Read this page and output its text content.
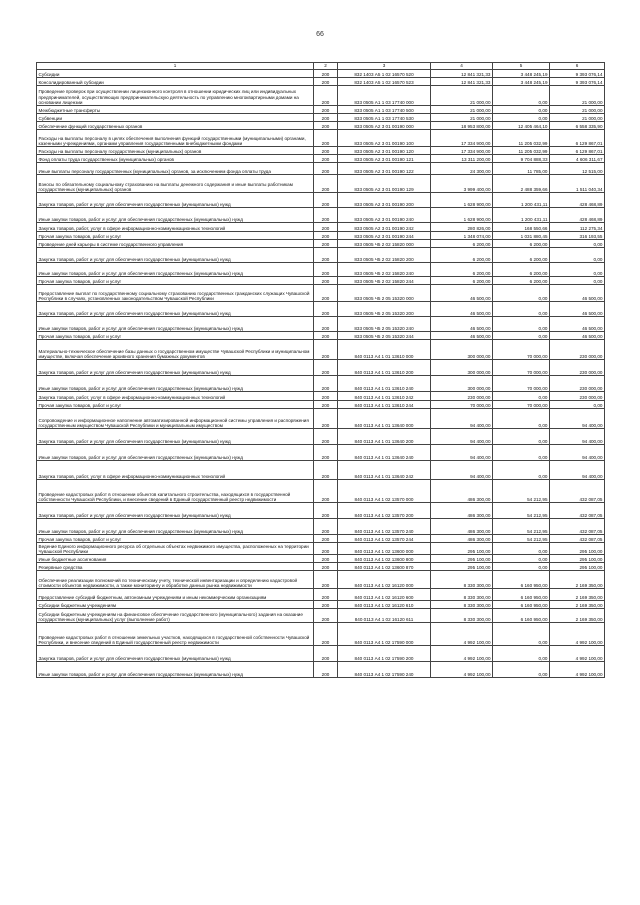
66
1	2	3	4	5	6
Субсидии	200	832 1403 А5 1 02 16570 520	12 841 321,33	3 448 245,19	9 393 076,14
Консолидированный субсидии	200	832 1403 А5 1 02 16570 523	12 841 321,33	3 448 245,19	9 393 076,14
Проведение проверок при осуществлении лицензионного контроля в отношении юридических лиц или индивидуальных предпринимателей, осуществляющих предпринимательскую деятельность по управлению многоквартирными домами на основании лицензии	200	833 0505 А1 1 03 17740 000	21 000,00	0,00	21 000,00
Межбюджетные трансферты	200	833 0505 А1 1 03 17740 500	21 000,00	0,00	21 000,00
Субвенции	200	833 0505 А1 1 03 17740 530	21 000,00	0,00	21 000,00
Обеспечение функций государственных органов	200	833 0505 А2 3 01 00190 000	18 953 800,00	12 405 464,10	6 558 335,90
Расходы на выплаты персоналу в целях обеспечения выполнения функций государственными (муниципальными) органами, казенными учреждениями, органами управления государственными внебюджетными фондами	200	833 0505 А2 3 01 00190 100	17 334 900,00	11 205 032,99	6 129 867,01
Расходы на выплаты персоналу государственных (муниципальных) органов	200	833 0505 А2 3 01 00190 120	17 334 900,00	11 205 032,99	6 129 867,01
Фонд оплаты труда государственных (муниципальных) органов	200	833 0505 А2 3 01 00190 121	13 311 200,00	9 704 888,33	4 606 311,67
Иные выплаты персоналу государственных (муниципальных) органов, за исключением фонда оплаты труда	200	833 0505 А2 3 01 00190 122	24 300,00	11 785,00	12 515,00
Взносы по обязательному социальному страхованию на выплаты денежного содержания и иные выплаты работникам государственных (муниципальных) органов	200	833 0505 А2 3 01 00190 129	3 999 400,00	2 488 359,66	1 511 040,34
Закупка товаров, работ и услуг для обеспечения государственных (муниципальных) нужд	200	833 0505 А2 3 01 00190 200	1 628 900,00	1 200 431,11	428 468,89
Иные закупки товаров, работ и услуг для обеспечения государственных (муниципальных) нужд	200	833 0505 А2 3 01 00190 240	1 628 900,00	1 200 431,11	428 468,89
Закупка товаров, работ, услуг в сфере информационно-коммуникационных технологий	200	833 0505 А2 3 01 00190 242	280 826,00	168 550,66	112 275,34
Прочая закупка товаров, работ и услуг	200	833 0505 А2 3 01 00190 244	1 348 074,00	1 031 880,45	316 193,55
Проведение дней карьеры в системе государственного управления	200	833 0505 Ч5 2 02 15820 000	6 200,00	6 200,00	0,00
Закупка товаров, работ и услуг для обеспечения государственных (муниципальных) нужд	200	833 0505 Ч5 2 02 15820 200	6 200,00	6 200,00	0,00
Иные закупки товаров, работ и услуг для обеспечения государственных (муниципальных) нужд	200	833 0505 Ч5 2 02 15820 240	6 200,00	6 200,00	0,00
Прочая закупка товаров, работ и услуг	200	833 0505 Ч5 2 02 15820 244	6 200,00	6 200,00	0,00
Предоставление выплат по государственному социальному страхованию государственных гражданских служащих Чувашской Республики в случаях, установленных законодательством Чувашской Республики	200	833 0505 Ч5 2 05 15320 000	46 500,00	0,00	46 500,00
Закупка товаров, работ и услуг для обеспечения государственных (муниципальных) нужд	200	833 0505 Ч5 2 05 15320 200	46 500,00	0,00	46 500,00
Иные закупки товаров, работ и услуг для обеспечения государственных (муниципальных) нужд	200	833 0505 Ч5 2 05 15320 240	46 500,00	0,00	46 500,00
Прочая закупка товаров, работ и услуг	200	833 0505 Ч5 2 05 15320 244	46 500,00	0,00	46 500,00
Материально-техническое обеспечение базы данных о государственном имуществе Чувашской Республики и муниципальном имуществе, включая обеспечение архивного хранения бумажных документов	200	840 0113 А4 1 01 13610 000	300 000,00	70 000,00	230 000,00
Закупка товаров, работ и услуг для обеспечения государственных (муниципальных) нужд	200	840 0113 А4 1 01 13610 200	300 000,00	70 000,00	230 000,00
Иные закупки товаров, работ и услуг для обеспечения государственных (муниципальных) нужд	200	840 0113 А4 1 01 13610 240	300 000,00	70 000,00	230 000,00
Закупка товаров, работ, услуг в сфере информационно-коммуникационных технологий	200	840 0113 А4 1 01 13610 242	230 000,00	0,00	230 000,00
Прочая закупка товаров, работ и услуг	200	840 0113 А4 1 01 13610 244	70 000,00	70 000,00	0,00
Сопровождение и информационное наполнение автоматизированной информационной системы управления и распоряжения государственным имуществом Чувашской Республики и муниципальным имуществом	200	840 0113 А4 1 01 13640 000	94 400,00	0,00	94 400,00
Закупка товаров, работ и услуг для обеспечения государственных (муниципальных) нужд	200	840 0113 А4 1 01 13640 200	94 400,00	0,00	94 400,00
Иные закупки товаров, работ и услуг для обеспечения государственных (муниципальных) нужд	200	840 0113 А4 1 01 13640 240	94 400,00	0,00	94 400,00
Закупка товаров, работ, услуг в сфере информационно-коммуникационных технологий	200	840 0113 А4 1 01 13640 242	94 400,00	0,00	94 400,00
Проведение кадастровых работ в отношении объектов капитального строительства, находящихся в государственной собственности Чувашской Республики, и внесение сведений в Единый государственный реестр недвижимости	200	840 0113 А4 1 02 13570 000	486 300,00	54 212,95	432 087,05
Закупка товаров, работ и услуг для обеспечения государственных (муниципальных) нужд	200	840 0113 А4 1 02 13570 200	486 300,00	54 212,95	432 087,05
Иные закупки товаров, работ и услуг для обеспечения государственных (муниципальных) нужд	200	840 0113 А4 1 02 13570 240	486 300,00	54 212,95	432 087,05
Прочая закупка товаров, работ и услуг	200	840 0113 А4 1 02 13570 244	486 300,00	54 212,95	432 087,05
Ведение Единого информационного ресурса об отдельных объектах недвижимого имущества, расположенных на территории Чувашской Республики	200	840 0113 А4 1 02 13600 000	295 100,00	0,00	295 100,00
Иные бюджетные ассигнования	200	840 0113 А4 1 02 13600 800	295 100,00	0,00	295 100,00
Резервные средства	200	840 0113 А4 1 02 13600 870	295 100,00	0,00	295 100,00
Обеспечение реализации полномочий по техническому учету, технической инвентаризации и определению кадастровой стоимости объектов недвижимости, а также мониторингу и обработке данных рынка недвижимости	200	840 0113 А4 1 02 16120 000	8 330 300,00	6 160 950,00	2 169 350,00
Предоставление субсидий бюджетным, автономным учреждениям и иным некоммерческим организациям	200	840 0113 А4 1 02 16120 600	8 330 300,00	6 160 950,00	2 169 350,00
Субсидии бюджетным учреждениям	200	840 0113 А4 1 02 16120 610	8 330 300,00	6 160 950,00	2 169 350,00
Субсидии бюджетным учреждениям на финансовое обеспечение государственного (муниципального) задания на оказание государственных (муниципальных) услуг (выполнение работ)	200	840 0113 А4 1 02 16120 611	8 330 300,00	6 160 950,00	2 169 350,00
Проведение кадастровых работ в отношении земельных участков, находящихся в государственной собственности Чувашской Республики, и внесение сведений в Единый государственный реестр недвижимости	200	840 0113 А4 1 02 17590 000	4 992 100,00	0,00	4 992 100,00
Закупка товаров, работ и услуг для обеспечения государственных (муниципальных) нужд	200	840 0113 А4 1 02 17590 200	4 992 100,00	0,00	4 992 100,00
Иные закупки товаров, работ и услуг для обеспечения государственных (муниципальных) нужд	200	840 0113 А4 1 02 17590 240	4 992 100,00	0,00	4 992 100,00
